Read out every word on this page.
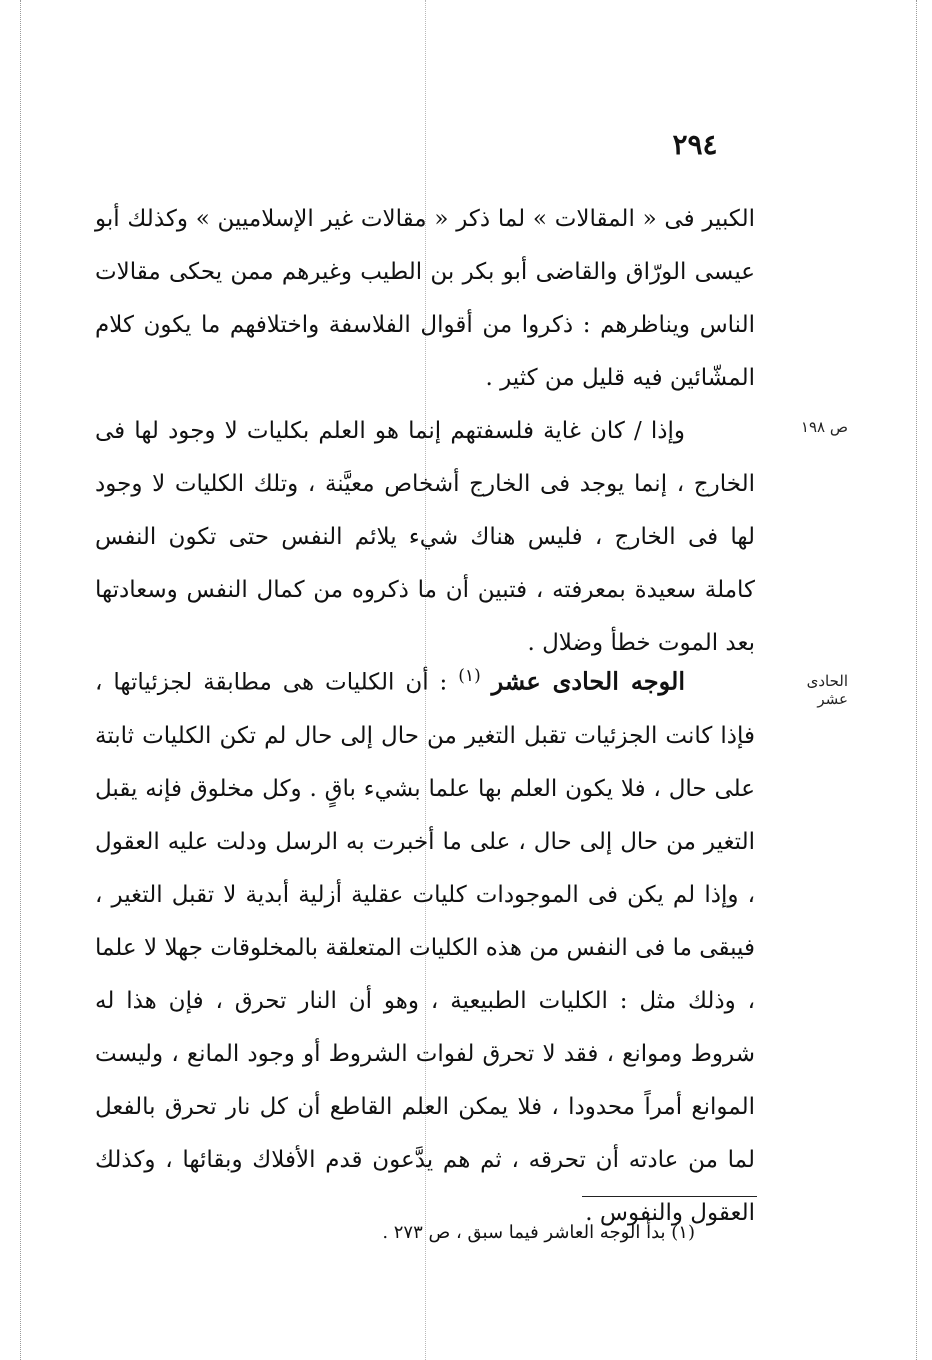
٢٩٤
الكبير فى « المقالات » لما ذكر « مقالات غير الإسلاميين » وكذلك أبو عيسى الورّاق والقاضى أبو بكر بن الطيب وغيرهم ممن يحكى مقالات الناس ويناظرهم : ذكروا من أقوال الفلاسفة واختلافهم ما يكون كلام المشّائين فيه قليل من كثير .
وإذا / كان غاية فلسفتهم إنما هو العلم بكليات لا وجود لها فى الخارج ، إنما يوجد فى الخارج أشخاص معيَّنة ، وتلك الكليات لا وجود لها فى الخارج ، فليس هناك شيء يلائم النفس حتى تكون النفس كاملة سعيدة بمعرفته ، فتبين أن ما ذكروه من كمال النفس وسعادتها بعد الموت خطأ وضلال .
الوجه الحادى عشر $^{(١)}$ : أن الكليات هى مطابقة لجزئياتها ، فإذا كانت الجزئيات تقبل التغير من حال إلى حال لم تكن الكليات ثابتة على حال ، فلا يكون العلم بها علما بشيء باقٍ . وكل مخلوق فإنه يقبل التغير من حال إلى حال ، على ما أخبرت به الرسل ودلت عليه العقول ، وإذا لم يكن فى الموجودات كليات عقلية أزلية أبدية لا تقبل التغير ، فيبقى ما فى النفس من هذه الكليات المتعلقة بالمخلوقات جهلا لا علما ، وذلك مثل : الكليات الطبيعية ، وهو أن النار تحرق ، فإن هذا له شروط وموانع ، فقد لا تحرق لفوات الشروط أو وجود المانع ، وليست الموانع أمراً محدودا ، فلا يمكن العلم القاطع أن كل نار تحرق بالفعل لما من عادته أن تحرقه ، ثم هم يدَّعون قدم الأفلاك وبقائها ، وكذلك العقول والنفوس .
ص ١٩٨
الحادى عشر
(١) بدأ الوجه العاشر فيما سبق ، ص ٢٧٣ .
